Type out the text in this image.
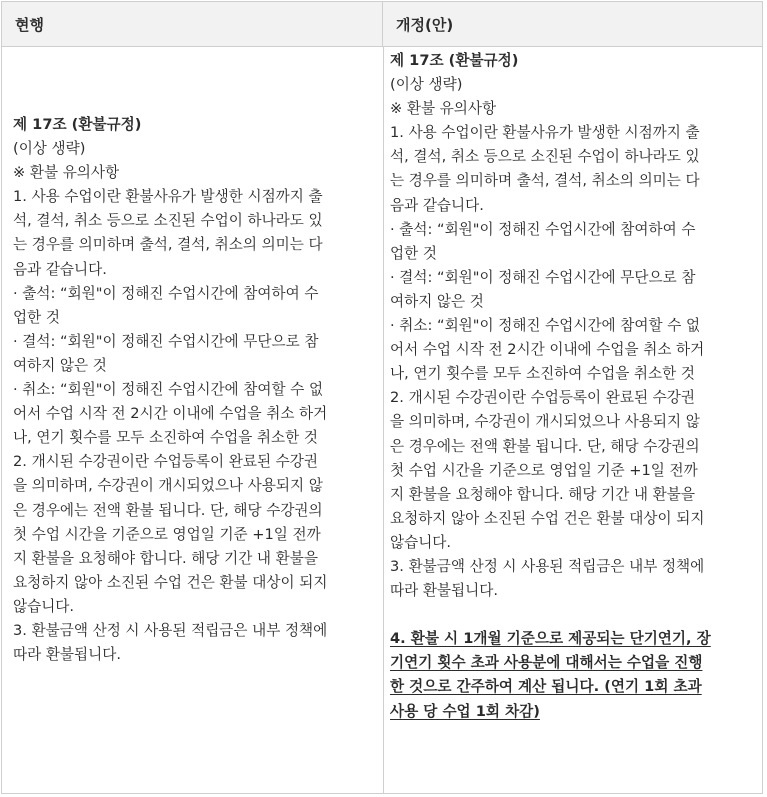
현행	개정(안)
제 17조 (환불규정)
(이상 생략)
※ 환불 유의사항
1. 사용 수업이란 환불사유가 발생한 시점까지 출
석, 결석, 취소 등으로 소진된 수업이 하나라도 있
는 경우를 의미하며 출석, 결석, 취소의 의미는 다
음과 같습니다.
· 출석: “회원"이 정해진 수업시간에 참여하여 수
업한 것
· 결석: “회원"이 정해진 수업시간에 무단으로 참
여하지 않은 것
· 취소: “회원"이 정해진 수업시간에 참여할 수 없
어서 수업 시작 전 2시간 이내에 수업을 취소 하거
나, 연기 횟수를 모두 소진하여 수업을 취소한 것
2. 개시된 수강권이란 수업등록이 완료된 수강권
을 의미하며, 수강권이 개시되었으나 사용되지 않
은 경우에는 전액 환불 됩니다. 단, 해당 수강권의
첫 수업 시간을 기준으로 영업일 기준 +1일 전까
지 환불을 요청해야 합니다. 해당 기간 내 환불을
요청하지 않아 소진된 수업 건은 환불 대상이 되지
않습니다.
3. 환불금액 산정 시 사용된 적립금은 내부 정책에
따라 환불됩니다.
제 17조 (환불규정)
(이상 생략)
※ 환불 유의사항
1. 사용 수업이란 환불사유가 발생한 시점까지 출
석, 결석, 취소 등으로 소진된 수업이 하나라도 있
는 경우를 의미하며 출석, 결석, 취소의 의미는 다
음과 같습니다.
· 출석: “회원"이 정해진 수업시간에 참여하여 수
업한 것
· 결석: “회원"이 정해진 수업시간에 무단으로 참
여하지 않은 것
· 취소: “회원"이 정해진 수업시간에 참여할 수 없
어서 수업 시작 전 2시간 이내에 수업을 취소 하거
나, 연기 횟수를 모두 소진하여 수업을 취소한 것
2. 개시된 수강권이란 수업등록이 완료된 수강권
을 의미하며, 수강권이 개시되었으나 사용되지 않
은 경우에는 전액 환불 됩니다. 단, 해당 수강권의
첫 수업 시간을 기준으로 영업일 기준 +1일 전까
지 환불을 요청해야 합니다. 해당 기간 내 환불을
요청하지 않아 소진된 수업 건은 환불 대상이 되지
않습니다.
3. 환불금액 산정 시 사용된 적립금은 내부 정책에
따라 환불됩니다.
4. 환불 시 1개월 기준으로 제공되는 단기연기, 장
기연기 횟수 초과 사용분에 대해서는 수업을 진행
한 것으로 간주하여 계산 됩니다. (연기 1회 초과
사용 당 수업 1회 차감)
